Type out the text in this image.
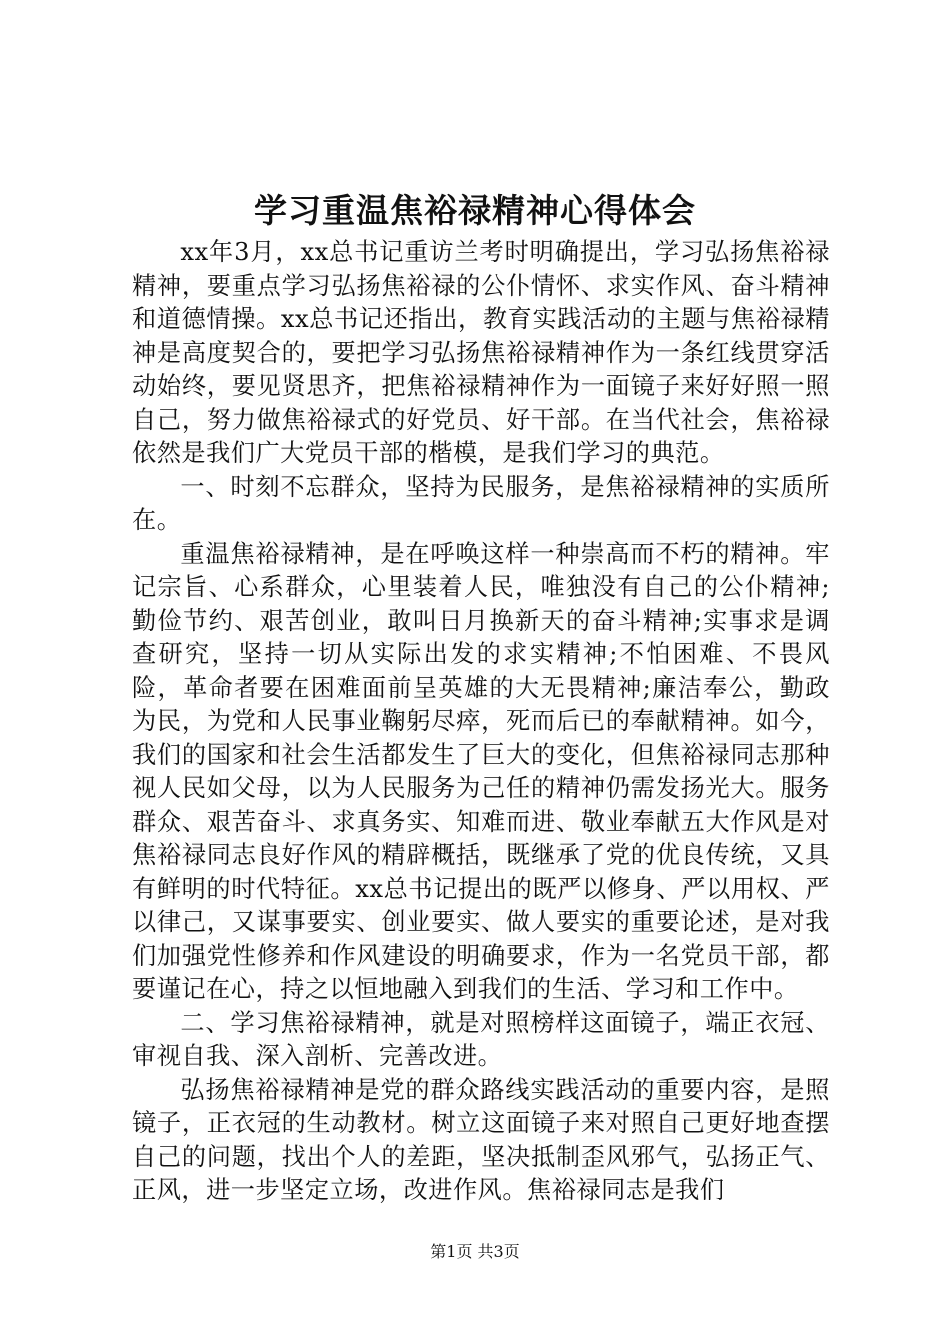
学习重温焦裕禄精神心得体会

xx年3月，xx总书记重访兰考时明确提出，学习弘扬焦裕禄精神，要重点学习弘扬焦裕禄的公仆情怀、求实作风、奋斗精神和道德情操。xx总书记还指出，教育实践活动的主题与焦裕禄精神是高度契合的，要把学习弘扬焦裕禄精神作为一条红线贯穿活动始终，要见贤思齐，把焦裕禄精神作为一面镜子来好好照一照自己，努力做焦裕禄式的好党员、好干部。在当代社会，焦裕禄依然是我们广大党员干部的楷模，是我们学习的典范。

一、时刻不忘群众，坚持为民服务，是焦裕禄精神的实质所在。

重温焦裕禄精神，是在呼唤这样一种崇高而不朽的精神。牢记宗旨、心系群众，心里装着人民，唯独没有自己的公仆精神;勤俭节约、艰苦创业，敢叫日月换新天的奋斗精神;实事求是调查研究，坚持一切从实际出发的求实精神;不怕困难、不畏风险，革命者要在困难面前呈英雄的大无畏精神;廉洁奉公，勤政为民，为党和人民事业鞠躬尽瘁，死而后已的奉献精神。如今，我们的国家和社会生活都发生了巨大的变化，但焦裕禄同志那种视人民如父母，以为人民服务为己任的精神仍需发扬光大。服务群众、艰苦奋斗、求真务实、知难而进、敬业奉献五大作风是对焦裕禄同志良好作风的精辟概括，既继承了党的优良传统，又具有鲜明的时代特征。xx总书记提出的既严以修身、严以用权、严以律己，又谋事要实、创业要实、做人要实的重要论述，是对我们加强党性修养和作风建设的明确要求，作为一名党员干部，都要谨记在心，持之以恒地融入到我们的生活、学习和工作中。

二、学习焦裕禄精神，就是对照榜样这面镜子，端正衣冠、审视自我、深入剖析、完善改进。

弘扬焦裕禄精神是党的群众路线实践活动的重要内容，是照镜子，正衣冠的生动教材。树立这面镜子来对照自己更好地查摆自己的问题，找出个人的差距，坚决抵制歪风邪气，弘扬正气、正风，进一步坚定立场，改进作风。焦裕禄同志是我们

第1页 共3页
